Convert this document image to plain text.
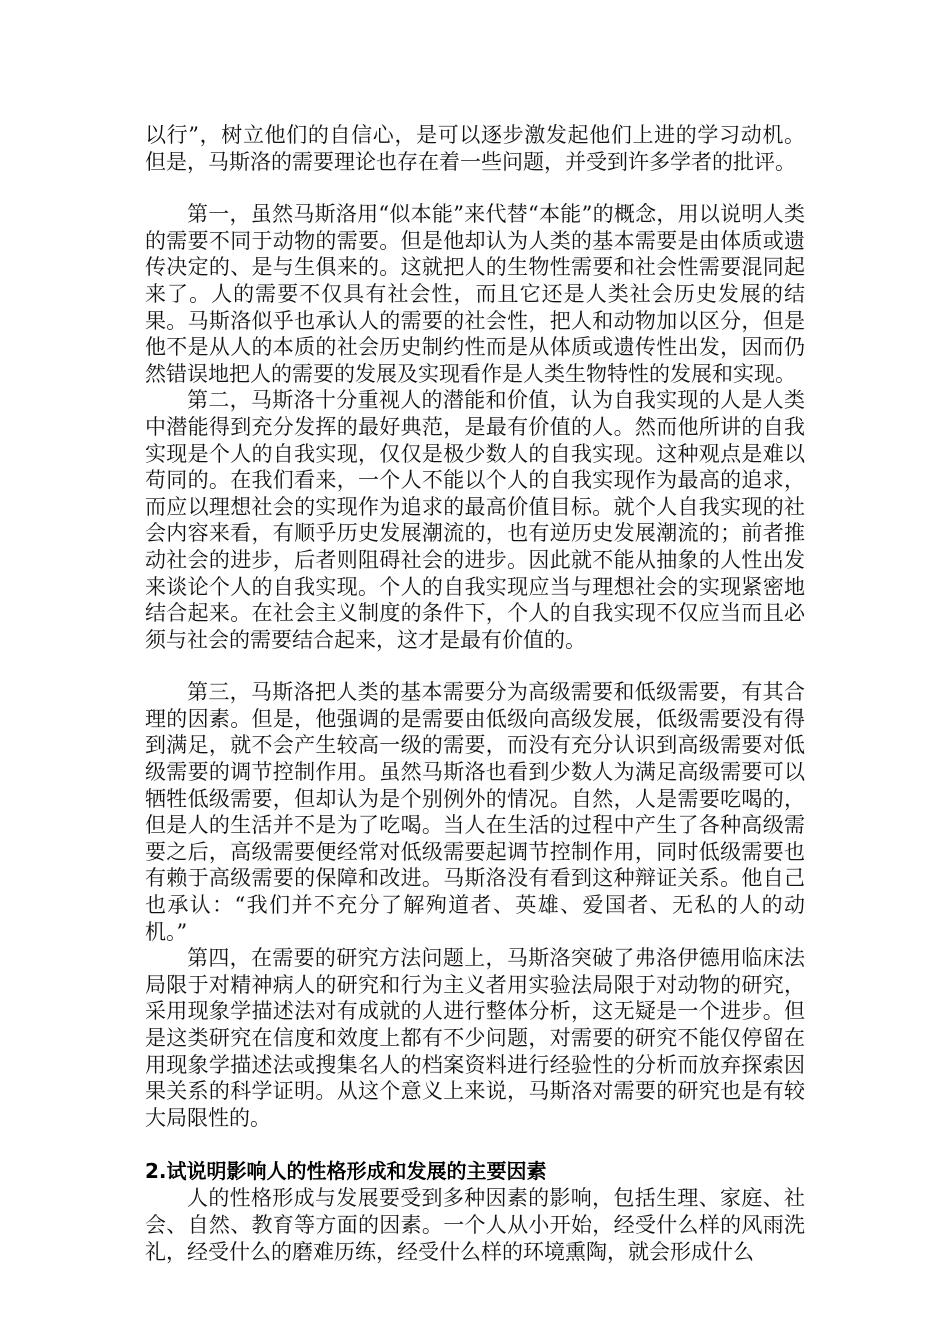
以行”，树立他们的自信心，是可以逐步激发起他们上进的学习动机。但是，马斯洛的需要理论也存在着一些问题，并受到许多学者的批评。

第一，虽然马斯洛用“似本能”来代替“本能”的概念，用以说明人类的需要不同于动物的需要。但是他却认为人类的基本需要是由体质或遗传决定的、是与生俱来的。这就把人的生物性需要和社会性需要混同起来了。人的需要不仅具有社会性，而且它还是人类社会历史发展的结果。马斯洛似乎也承认人的需要的社会性，把人和动物加以区分，但是他不是从人的本质的社会历史制约性而是从体质或遗传性出发，因而仍然错误地把人的需要的发展及实现看作是人类生物特性的发展和实现。

第二，马斯洛十分重视人的潜能和价值，认为自我实现的人是人类中潜能得到充分发挥的最好典范，是最有价值的人。然而他所讲的自我实现是个人的自我实现，仅仅是极少数人的自我实现。这种观点是难以苟同的。在我们看来，一个人不能以个人的自我实现作为最高的追求，而应以理想社会的实现作为追求的最高价值目标。就个人自我实现的社会内容来看，有顺乎历史发展潮流的，也有逆历史发展潮流的；前者推动社会的进步，后者则阻碍社会的进步。因此就不能从抽象的人性出发来谈论个人的自我实现。个人的自我实现应当与理想社会的实现紧密地结合起来。在社会主义制度的条件下，个人的自我实现不仅应当而且必须与社会的需要结合起来，这才是最有价值的。

第三，马斯洛把人类的基本需要分为高级需要和低级需要，有其合理的因素。但是，他强调的是需要由低级向高级发展，低级需要没有得到满足，就不会产生较高一级的需要，而没有充分认识到高级需要对低级需要的调节控制作用。虽然马斯洛也看到少数人为满足高级需要可以牺牲低级需要，但却认为是个别例外的情况。自然，人是需要吃喝的，但是人的生活并不是为了吃喝。当人在生活的过程中产生了各种高级需要之后，高级需要便经常对低级需要起调节控制作用，同时低级需要也有赖于高级需要的保障和改进。马斯洛没有看到这种辩证关系。他自己也承认：“我们并不充分了解殉道者、英雄、爱国者、无私的人的动机。”

第四，在需要的研究方法问题上，马斯洛突破了弗洛伊德用临床法局限于对精神病人的研究和行为主义者用实验法局限于对动物的研究，采用现象学描述法对有成就的人进行整体分析，这无疑是一个进步。但是这类研究在信度和效度上都有不少问题，对需要的研究不能仅停留在用现象学描述法或搜集名人的档案资料进行经验性的分析而放弃探索因果关系的科学证明。从这个意义上来说，马斯洛对需要的研究也是有较大局限性的。

2.试说明影响人的性格形成和发展的主要因素

人的性格形成与发展要受到多种因素的影响，包括生理、家庭、社会、自然、教育等方面的因素。一个人从小开始，经受什么样的风雨洗礼，经受什么的磨难历练，经受什么样的环境熏陶，就会形成什么
